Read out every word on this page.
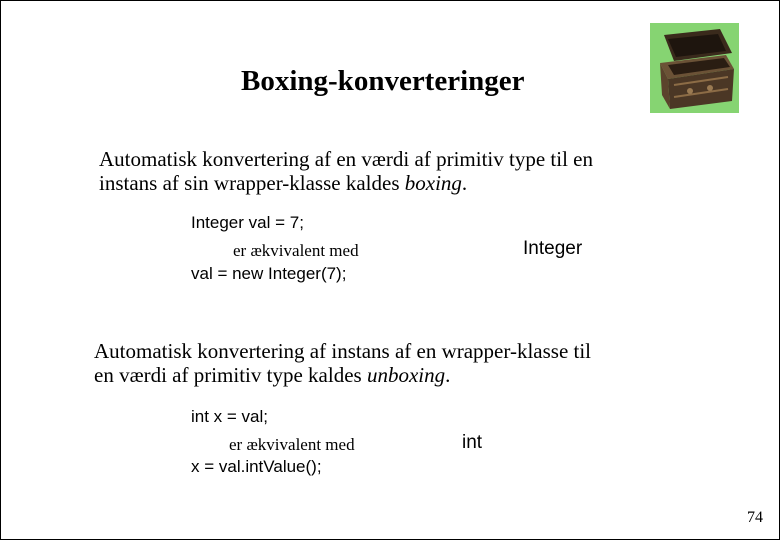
Boxing-konverteringer
Automatisk konvertering af en værdi af primitiv type til en
instans af sin wrapper-klasse kaldes boxing.
Integer val = 7;
er ækvivalent med
val = new Integer(7);
Integer
Automatisk konvertering af instans af en wrapper-klasse til
en værdi af primitiv type kaldes unboxing.
int x = val;
er ækvivalent med
x = val.intValue();
int
74
